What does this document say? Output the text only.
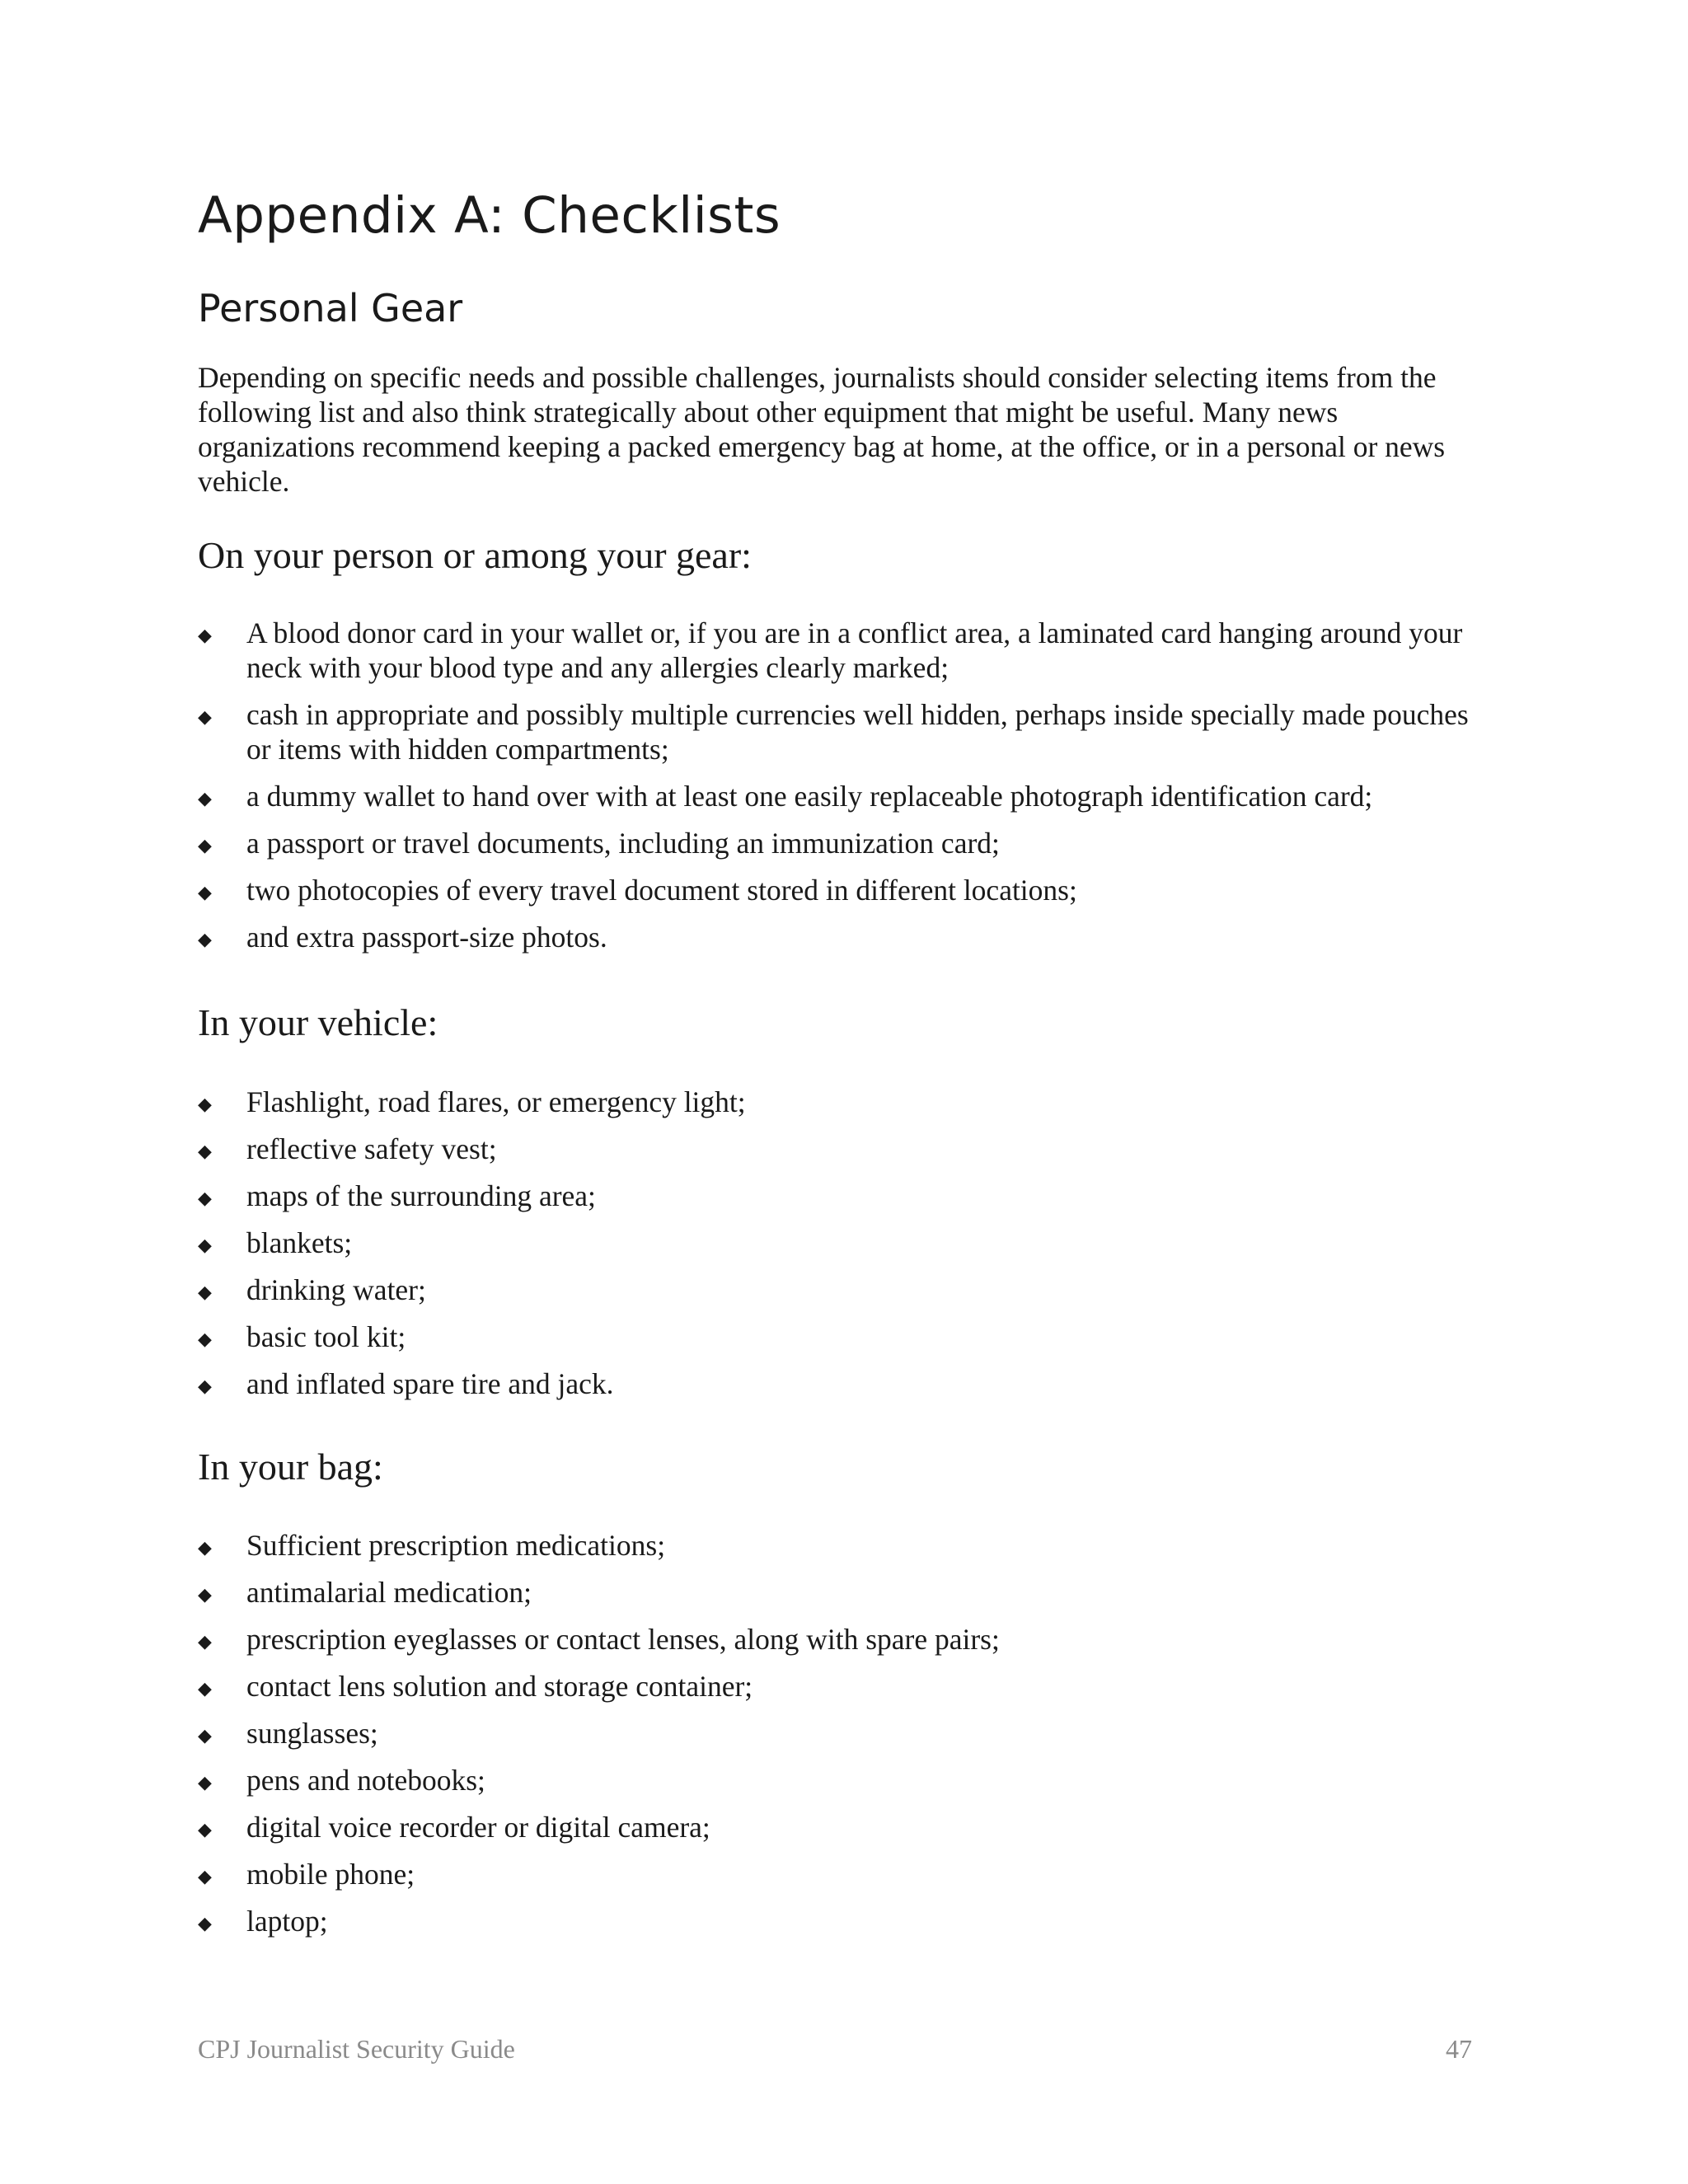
Appendix A: Checklists
Personal Gear

Depending on specific needs and possible challenges, journalists should consider selecting items from the following list and also think strategically about other equipment that might be useful. Many news organizations recommend keeping a packed emergency bag at home, at the office, or in a personal or news vehicle.

On your person or among your gear:
◆ A blood donor card in your wallet or, if you are in a conflict area, a laminated card hanging around your neck with your blood type and any allergies clearly marked;
◆ cash in appropriate and possibly multiple currencies well hidden, perhaps inside specially made pouches or items with hidden compartments;
◆ a dummy wallet to hand over with at least one easily replaceable photograph identification card;
◆ a passport or travel documents, including an immunization card;
◆ two photocopies of every travel document stored in different locations;
◆ and extra passport-size photos.
In your vehicle:
◆ Flashlight, road flares, or emergency light;
◆ reflective safety vest;
◆ maps of the surrounding area;
◆ blankets;
◆ drinking water;
◆ basic tool kit;
◆ and inflated spare tire and jack.
In your bag:
◆ Sufficient prescription medications;
◆ antimalarial medication;
◆ prescription eyeglasses or contact lenses, along with spare pairs;
◆ contact lens solution and storage container;
◆ sunglasses;
◆ pens and notebooks;
◆ digital voice recorder or digital camera;
◆ mobile phone;
◆ laptop;
CPJ Journalist Security Guide	47
